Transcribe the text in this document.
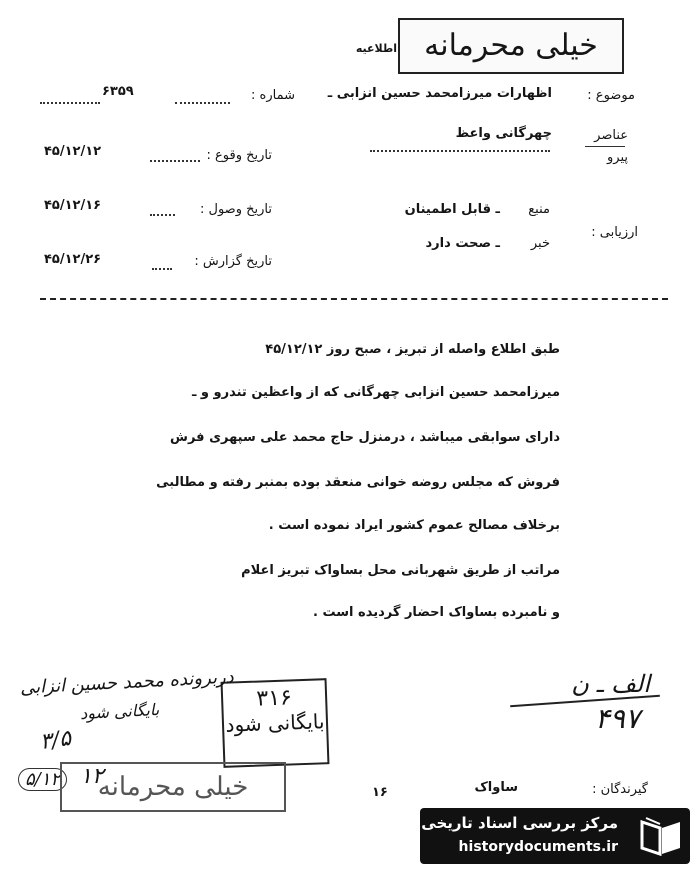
خیلی محرمانه
اطلاعیه
موضوع :
اظهارات میرزامحمد حسین انزابی ـ
شماره :
۶۳۵۹
عناصر
پیرو
چهرگانی واعظ
تاریخ وقوع :
۴۵/۱۲/۱۲
تاریخ وصول :
۴۵/۱۲/۱۶
تاریخ گزارش :
۴۵/۱۲/۲۶
ارزیابی :
منبع
ـ قابل اطمینان
خبر
ـ صحت دارد
طبق اطلاع واصله از تبریز ، صبح روز ۴۵/۱۲/۱۲
میرزامحمد حسین انزابی چهرگانی که از واعظین تندرو و ـ
دارای سوابقی میباشد ، درمنزل حاج محمد علی سپهری فرش
فروش که مجلس روضه خوانی منعقد بوده بمنبر رفته و مطالبی
برخلاف مصالح عموم کشور ایراد نموده است .
مراتب از طریق شهربانی محل بساواک تبریز اعلام
و نامبرده بساواک احضار گردیده است .
الف ـ ن
۴۹۷
۳۱۶
بایگانی شود
دربرونده محمد حسین انزابی
بایگانی شود
۳/۵
۵/۱۲ ۱۲
خیلی محرمانه	۱۶	گیرندگان :
ساواک
مرکز بررسی اسناد تاریخی
historydocuments.ir
